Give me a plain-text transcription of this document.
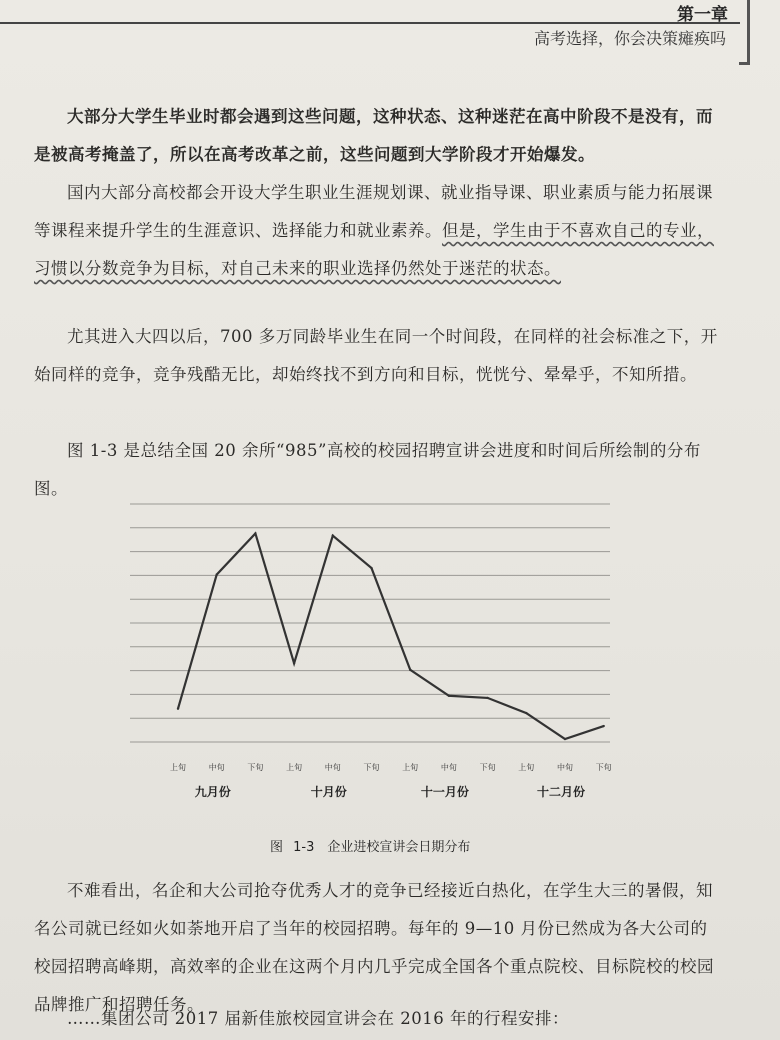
第一章
高考选择，你会决策瘫痪吗

大部分大学生毕业时都会遇到这些问题，这种状态、这种迷茫在高中阶段不是没有，而是被高考掩盖了，所以在高考改革之前，这些问题到大学阶段才开始爆发。

国内大部分高校都会开设大学生职业生涯规划课、就业指导课、职业素质与能力拓展课等课程来提升学生的生涯意识、选择能力和就业素养。但是，学生由于不喜欢自己的专业，习惯以分数竞争为目标，对自己未来的职业选择仍然处于迷茫的状态。

尤其进入大四以后，700 多万同龄毕业生在同一个时间段，在同样的社会标准之下，开始同样的竞争，竞争残酷无比，却始终找不到方向和目标，恍恍兮、晕晕乎，不知所措。

图 1-3 是总结全国 20 余所“985”高校的校园招聘宣讲会进度和时间后所绘制的分布图。

上旬	中旬	下旬	上旬	中旬	下旬	上旬	中旬	下旬	上旬	中旬	下旬
九月份	十月份	十一月份	十二月份
图 1-3　企业进校宣讲会日期分布

不难看出，名企和大公司抢夺优秀人才的竞争已经接近白热化，在学生大三的暑假，知名公司就已经如火如荼地开启了当年的校园招聘。每年的 9—10 月份已然成为各大公司的校园招聘高峰期，高效率的企业在这两个月内几乎完成全国各个重点院校、目标院校的校园品牌推广和招聘任务。

……集团公司 2017 届新佳旅校园宣讲会在 2016 年的行程安排：
